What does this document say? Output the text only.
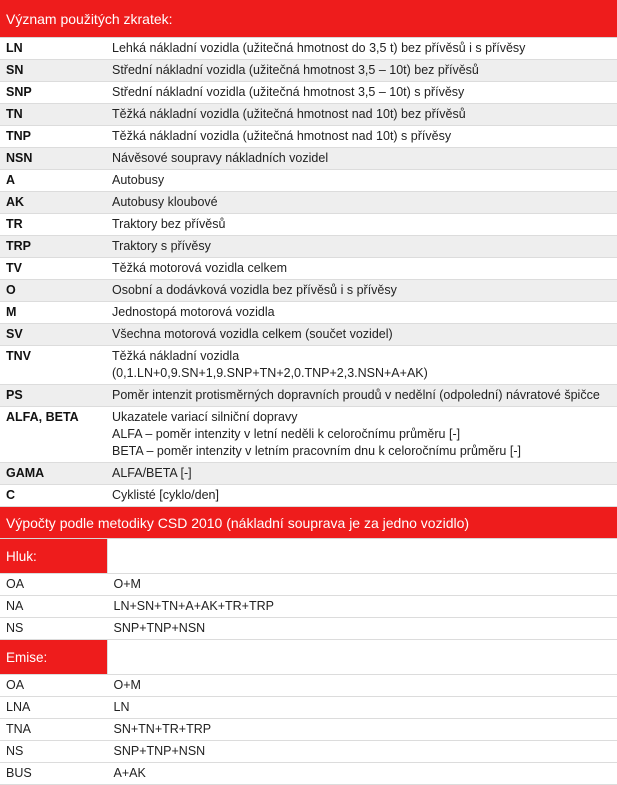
Význam použitých zkratek:
LN	Lehká nákladní vozidla (užitečná hmotnost do 3,5 t) bez přívěsů i s přívěsy

SN	Střední nákladní vozidla (užitečná hmotnost 3,5 – 10t) bez přívěsů

SNP	Střední nákladní vozidla (užitečná hmotnost 3,5 – 10t) s přívěsy

TN	Těžká nákladní vozidla (užitečná hmotnost nad 10t) bez přívěsů

TNP	Těžká nákladní vozidla (užitečná hmotnost nad 10t) s přívěsy

NSN	Návěsové soupravy nákladních vozidel

A	Autobusy

AK	Autobusy kloubové

TR	Traktory bez přívěsů

TRP	Traktory s přívěsy

TV	Těžká motorová vozidla celkem

O	Osobní a dodávková vozidla bez přívěsů i s přívěsy

M	Jednostopá motorová vozidla

SV	Všechna motorová vozidla celkem (součet vozidel)

TNV	Těžká nákladní vozidla
(0,1.LN+0,9.SN+1,9.SNP+TN+2,0.TNP+2,3.NSN+A+AK)

PS	Poměr intenzit protisměrných dopravních proudů v nedělní (odpolední) návratové špičce

ALFA, BETA	Ukazatele variací silniční dopravy
ALFA – poměr intenzity v letní neděli k celoročnímu průměru [-]
BETA – poměr intenzity v letním pracovním dnu k celoročnímu průměru [-]

GAMA	ALFA/BETA [-]

C	Cyklisté [cyklo/den]
Výpočty podle metodiky CSD 2010 (nákladní souprava je za jedno vozidlo)
Hluk:	

OA	O+M
NA	LN+SN+TN+A+AK+TR+TRP
NS	SNP+TNP+NSN

Emise:	

OA	O+M
LNA	LN
TNA	SN+TN+TR+TRP
NS	SNP+TNP+NSN
BUS	A+AK
